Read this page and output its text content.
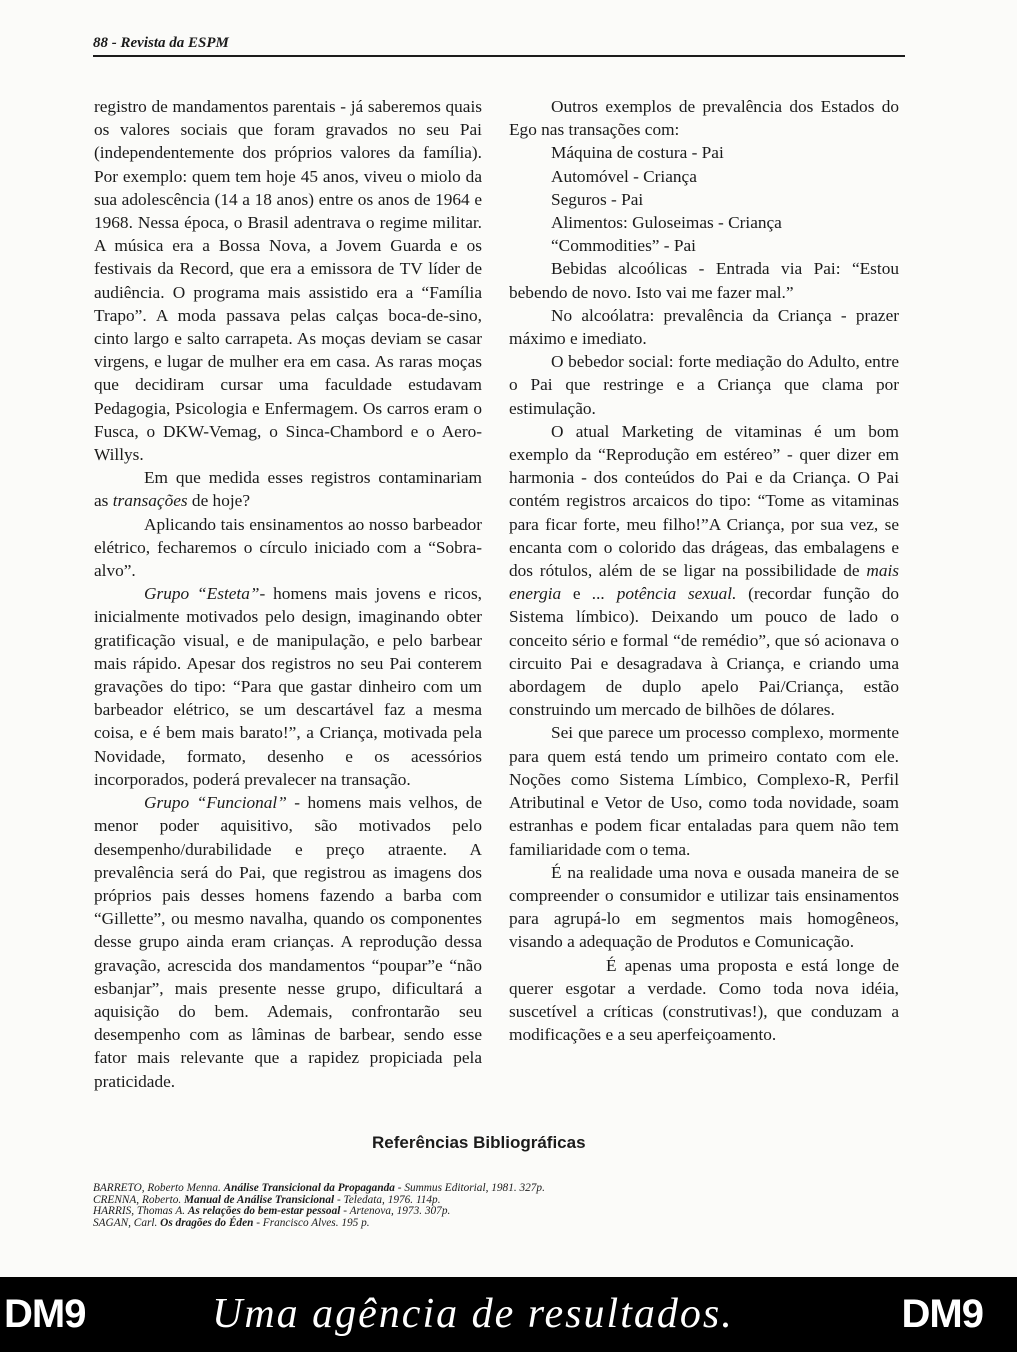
88 - Revista da ESPM

registro de mandamentos parentais - já saberemos quais os valores sociais que foram gravados no seu Pai (independentemente dos próprios valores da família). Por exemplo: quem tem hoje 45 anos, viveu o miolo da sua adolescência (14 a 18 anos) entre os anos de 1964 e 1968. Nessa época, o Brasil adentrava o regime militar. A música era a Bossa Nova, a Jovem Guarda e os festivais da Record, que era a emissora de TV líder de audiência. O programa mais assistido era a “Família Trapo”. A moda passava pelas calças boca-de-sino, cinto largo e salto carrapeta. As moças deviam se casar virgens, e lugar de mulher era em casa. As raras moças que decidiram cursar uma faculdade estudavam Pedagogia, Psicologia e Enfermagem. Os carros eram o Fusca, o DKW-Vemag, o Sinca-Chambord e o Aero-Willys.

Em que medida esses registros contaminariam as transações de hoje?

Aplicando tais ensinamentos ao nosso barbeador elétrico, fecharemos o círculo iniciado com a “Sobra-alvo”.

Grupo “Esteta”- homens mais jovens e ricos, inicialmente motivados pelo design, imaginando obter gratificação visual, e de manipulação, e pelo barbear mais rápido. Apesar dos registros no seu Pai conterem gravações do tipo: “Para que gastar dinheiro com um barbeador elétrico, se um descartável faz a mesma coisa, e é bem mais barato!”, a Criança, motivada pela Novidade, formato, desenho e os acessórios incorporados, poderá prevalecer na transação.

Grupo “Funcional” - homens mais velhos, de menor poder aquisitivo, são motivados pelo desempenho/durabilidade e preço atraente. A prevalência será do Pai, que registrou as imagens dos próprios pais desses homens fazendo a barba com “Gillette”, ou mesmo navalha, quando os componentes desse grupo ainda eram crianças. A reprodução dessa gravação, acrescida dos mandamentos “poupar”e “não esbanjar”, mais presente nesse grupo, dificultará a aquisição do bem. Ademais, confrontarão seu desempenho com as lâminas de barbear, sendo esse fator mais relevante que a rapidez propiciada pela praticidade.

Outros exemplos de prevalência dos Estados do Ego nas transações com:

Máquina de costura - Pai

Automóvel - Criança

Seguros - Pai

Alimentos: Guloseimas - Criança

“Commodities” - Pai

Bebidas alcoólicas - Entrada via Pai: “Estou bebendo de novo. Isto vai me fazer mal.”

No alcoólatra: prevalência da Criança - prazer máximo e imediato.

O bebedor social: forte mediação do Adulto, entre o Pai que restringe e a Criança que clama por estimulação.

O atual Marketing de vitaminas é um bom exemplo da “Reprodução em estéreo” - quer dizer em harmonia - dos conteúdos do Pai e da Criança. O Pai contém registros arcaicos do tipo: “Tome as vitaminas para ficar forte, meu filho!”A Criança, por sua vez, se encanta com o colorido das drágeas, das embalagens e dos rótulos, além de se ligar na possibilidade de mais energia e ... potência sexual. (recordar função do Sistema límbico). Deixando um pouco de lado o conceito sério e formal “de remédio”, que só acionava o circuito Pai e desagradava à Criança, e criando uma abordagem de duplo apelo Pai/Criança, estão construindo um mercado de bilhões de dólares.

Sei que parece um processo complexo, mormente para quem está tendo um primeiro contato com ele. Noções como Sistema Límbico, Complexo-R, Perfil Atributinal e Vetor de Uso, como toda novidade, soam estranhas e podem ficar entaladas para quem não tem familiaridade com o tema.

É na realidade uma nova e ousada maneira de se compreender o consumidor e utilizar tais ensinamentos para agrupá-lo em segmentos mais homogêneos, visando a adequação de Produtos e Comunicação.

É apenas uma proposta e está longe de querer esgotar a verdade. Como toda nova idéia, suscetível a críticas (construtivas!), que conduzam a modificações e a seu aperfeiçoamento.

Referências Bibliográficas

BARRETO, Roberto Menna. Análise Transicional da Propaganda - Summus Editorial, 1981. 327p.

CRENNA, Roberto. Manual de Análise Transicional - Teledata, 1976. 114p.

HARRIS, Thomas A. As relações do bem-estar pessoal - Artenova, 1973. 307p.

SAGAN, Carl. Os dragões do Éden - Francisco Alves. 195 p.

DM9	Uma agência de resultados.	DM9
